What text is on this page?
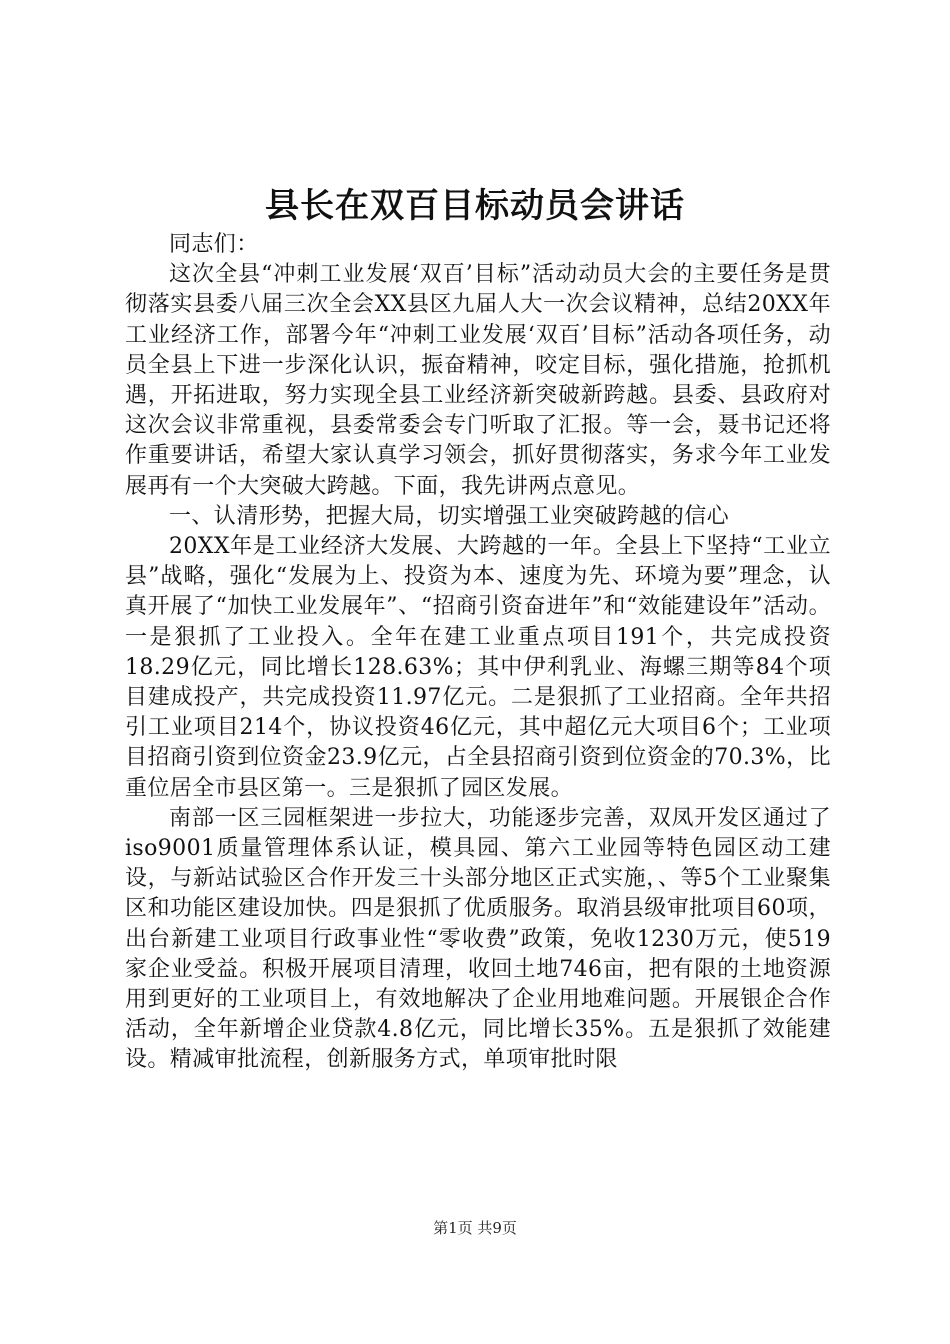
县长在双百目标动员会讲话

同志们：

这次全县“冲刺工业发展‘双百’目标”活动动员大会的主要任务是贯彻落实县委八届三次全会XX县区九届人大一次会议精神，总结20XX年工业经济工作，部署今年“冲刺工业发展‘双百’目标”活动各项任务，动员全县上下进一步深化认识，振奋精神，咬定目标，强化措施，抢抓机遇，开拓进取，努力实现全县工业经济新突破新跨越。县委、县政府对这次会议非常重视，县委常委会专门听取了汇报。等一会，聂书记还将作重要讲话，希望大家认真学习领会，抓好贯彻落实，务求今年工业发展再有一个大突破大跨越。下面，我先讲两点意见。

一、认清形势，把握大局，切实增强工业突破跨越的信心

20XX年是工业经济大发展、大跨越的一年。全县上下坚持“工业立县”战略，强化“发展为上、投资为本、速度为先、环境为要”理念，认真开展了“加快工业发展年”、“招商引资奋进年”和“效能建设年”活动。一是狠抓了工业投入。全年在建工业重点项目191个，共完成投资18.29亿元，同比增长128.63%；其中伊利乳业、海螺三期等84个项目建成投产，共完成投资11.97亿元。二是狠抓了工业招商。全年共招引工业项目214个，协议投资46亿元，其中超亿元大项目6个；工业项目招商引资到位资金23.9亿元，占全县招商引资到位资金的70.3%，比重位居全市县区第一。三是狠抓了园区发展。

南部一区三园框架进一步拉大，功能逐步完善，双凤开发区通过了iso9001质量管理体系认证，模具园、第六工业园等特色园区动工建设，与新站试验区合作开发三十头部分地区正式实施，、等5个工业聚集区和功能区建设加快。四是狠抓了优质服务。取消县级审批项目60项，出台新建工业项目行政事业性“零收费”政策，免收1230万元，使519家企业受益。积极开展项目清理，收回土地746亩，把有限的土地资源用到更好的工业项目上，有效地解决了企业用地难问题。开展银企合作活动，全年新增企业贷款4.8亿元，同比增长35%。五是狠抓了效能建设。精减审批流程，创新服务方式，单项审批时限

第1页 共9页
